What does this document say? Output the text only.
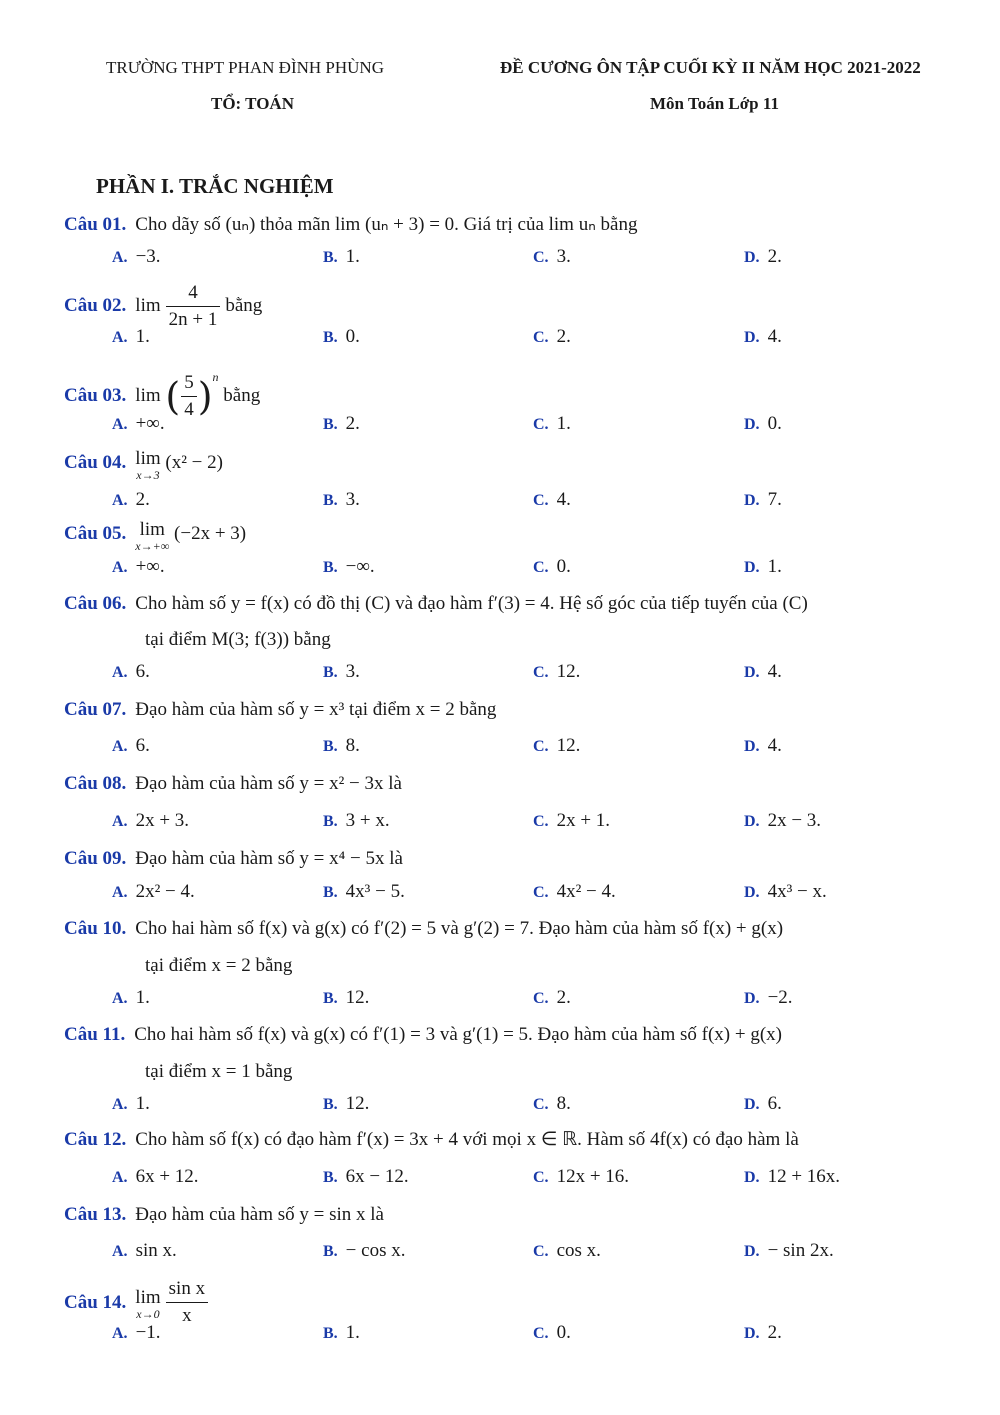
TRƯỜNG THPT PHAN ĐÌNH PHÙNG	ĐỀ CƯƠNG ÔN TẬP CUỐI KỲ II NĂM HỌC 2021-2022
TỔ: TOÁN	Môn Toán Lớp 11
PHẦN I. TRẮC NGHIỆM
Câu 01. Cho dãy số (uₙ) thỏa mãn lim (uₙ + 3) = 0. Giá trị của lim uₙ bằng
A. −3.	B. 1.	C. 3.	D. 2.
Câu 02. $\lim \frac{4}{2n + 1}$ bằng
A. 1.	B. 0.	C. 2.	D. 4.
Câu 03. lim ( $\frac{5}{4} )^n$ bằng
A. +∞.	B. 2.	C. 1.	D. 0.
Câu 04. lim
x→3
(x² − 2)
A. 2.	B. 3.	C. 4.	D. 7.
Câu 05. lim
x→+∞
(−2x + 3)
A. +∞.	B. −∞.	C. 0.	D. 1.
Câu 06. Cho hàm số y = f(x) có đồ thị (C) và đạo hàm f′(3) = 4. Hệ số góc của tiếp tuyến của (C)
tại điểm M(3; f(3)) bằng
A. 6.	B. 3.	C. 12.	D. 4.
Câu 07. Đạo hàm của hàm số y = x³ tại điểm x = 2 bằng
A. 6.	B. 8.	C. 12.	D. 4.
Câu 08. Đạo hàm của hàm số y = x² − 3x là
A. 2x + 3.	B. 3 + x.	C. 2x + 1.	D. 2x − 3.
Câu 09. Đạo hàm của hàm số y = x⁴ − 5x là
A. 2x² − 4.	B. 4x³ − 5.	C. 4x² − 4.	D. 4x³ − x.
Câu 10. Cho hai hàm số f(x) và g(x) có f′(2) = 5 và g′(2) = 7. Đạo hàm của hàm số f(x) + g(x)
tại điểm x = 2 bằng
A. 1.	B. 12.	C. 2.	D. −2.
Câu 11. Cho hai hàm số f(x) và g(x) có f′(1) = 3 và g′(1) = 5. Đạo hàm của hàm số f(x) + g(x)
tại điểm x = 1 bằng
A. 1.	B. 12.	C. 8.	D. 6.
Câu 12. Cho hàm số f(x) có đạo hàm f′(x) = 3x + 4 với mọi x ∈ ℝ. Hàm số 4f(x) có đạo hàm là
A. 6x + 12.	B. 6x − 12.	C. 12x + 16.	D. 12 + 16x.
Câu 13. Đạo hàm của hàm số y = sin x là
A. sin x.	B. − cos x.	C. cos x.	D. − sin 2x.
Câu 14. lim
$x\to 0 \frac{\text{sin x}}{x}$
A. −1.	B. 1.	C. 0.	D. 2.
